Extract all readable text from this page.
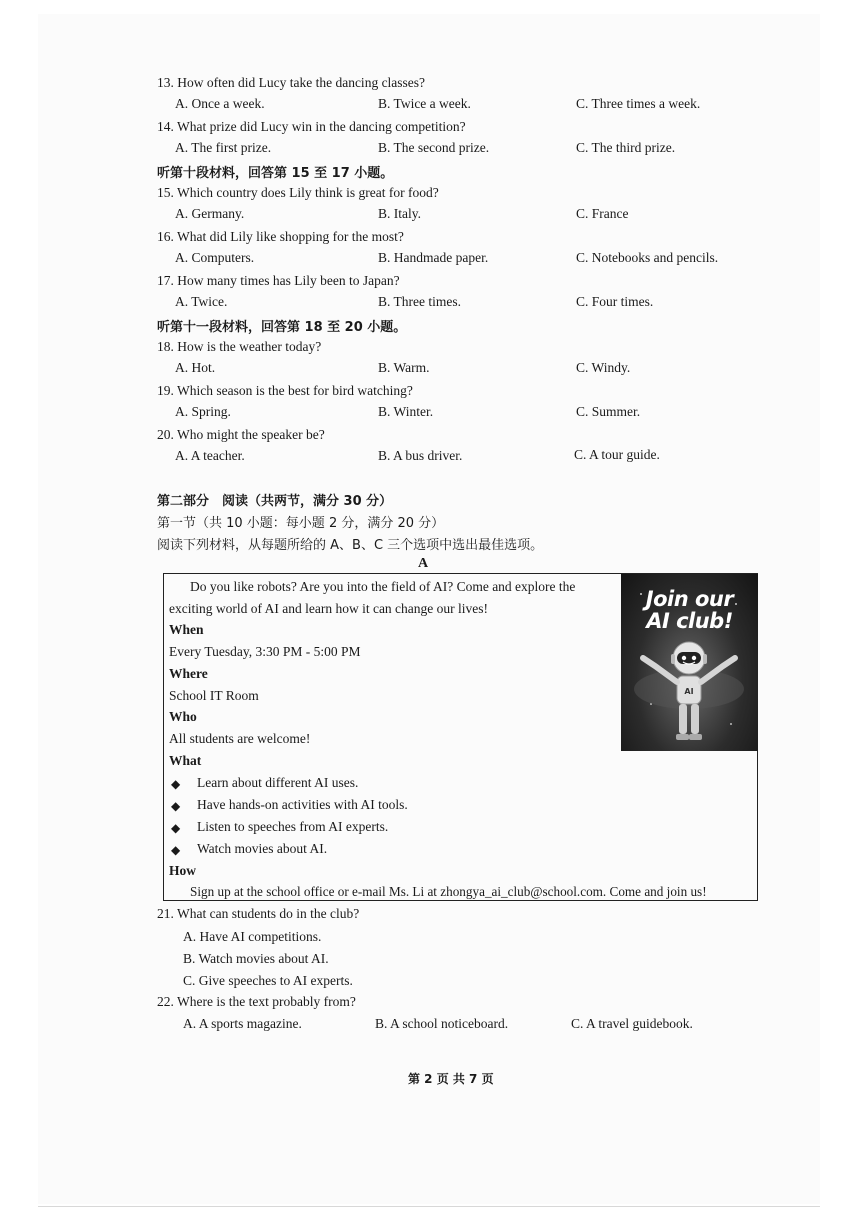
13. How often did Lucy take the dancing classes?
A. Once a week.	B. Twice a week.	C. Three times a week.
14. What prize did Lucy win in the dancing competition?
A. The first prize.	B. The second prize.	C. The third prize.
听第十段材料，回答第 15 至 17 小题。
15. Which country does Lily think is great for food?
A. Germany.	B. Italy.	C. France
16. What did Lily like shopping for the most?
A. Computers.	B. Handmade paper.	C. Notebooks and pencils.
17. How many times has Lily been to Japan?
A. Twice.	B. Three times.	C. Four times.
听第十一段材料，回答第 18 至 20 小题。
18. How is the weather today?
A. Hot.	B. Warm.	C. Windy.
19. Which season is the best for bird watching?
A. Spring.	B. Winter.	C. Summer.
20. Who might the speaker be?
A. A teacher.	B. A bus driver.	C. A tour guide.
第二部分　阅读（共两节，满分 30 分）
第一节（共 10 小题：每小题 2 分，满分 20 分）
阅读下列材料，从每题所给的 A、B、C 三个选项中选出最佳选项。
A
Do you like robots? Are you into the field of AI? Come and explore the
exciting world of AI and learn how it can change our lives!
When
Every Tuesday, 3:30 PM - 5:00 PM
Where
School IT Room
Who
All students are welcome!
What
◆ Learn about different AI uses.
◆ Have hands-on activities with AI tools.
◆ Listen to speeches from AI experts.
◆ Watch movies about AI.
How
Sign up at the school office or e-mail Ms. Li at zhongya_ai_club@school.com. Come and join us!
Join our
AI club!
AI
21. What can students do in the club?
A. Have AI competitions.
B. Watch movies about AI.
C. Give speeches to AI experts.
22. Where is the text probably from?
A. A sports magazine.	B. A school noticeboard.	C. A travel guidebook.
第 2 页 共 7 页
